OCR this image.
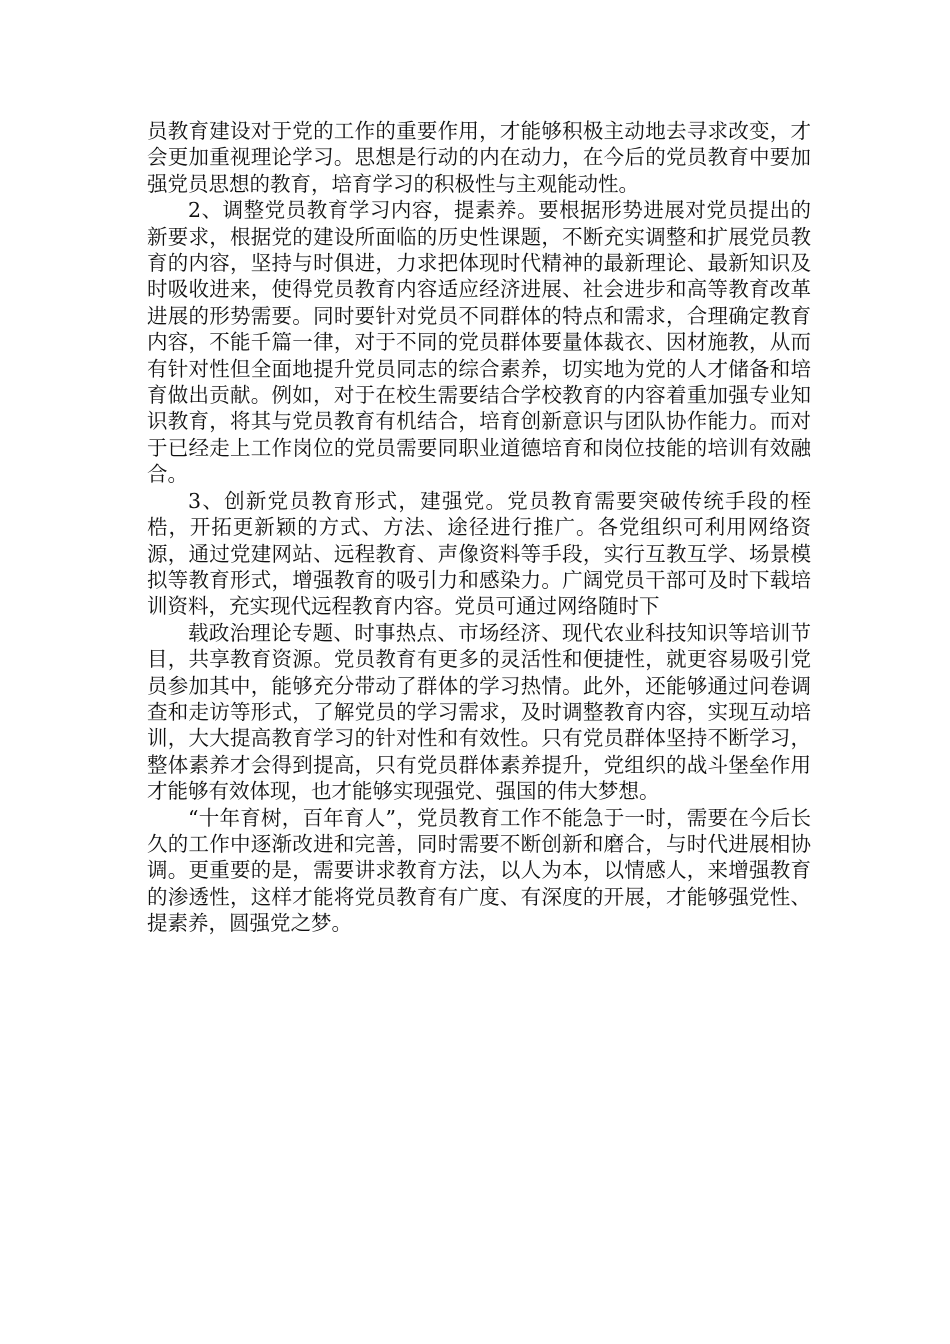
员教育建设对于党的工作的重要作用，才能够积极主动地去寻求改变，才会更加重视理论学习。思想是行动的内在动力，在今后的党员教育中要加强党员思想的教育，培育学习的积极性与主观能动性。

2、调整党员教育学习内容，提素养。要根据形势进展对党员提出的新要求，根据党的建设所面临的历史性课题，不断充实调整和扩展党员教育的内容，坚持与时俱进，力求把体现时代精神的最新理论、最新知识及时吸收进来，使得党员教育内容适应经济进展、社会进步和高等教育改革进展的形势需要。同时要针对党员不同群体的特点和需求，合理确定教育内容，不能千篇一律，对于不同的党员群体要量体裁衣、因材施教，从而有针对性但全面地提升党员同志的综合素养，切实地为党的人才储备和培育做出贡献。例如，对于在校生需要结合学校教育的内容着重加强专业知识教育，将其与党员教育有机结合，培育创新意识与团队协作能力。而对于已经走上工作岗位的党员需要同职业道德培育和岗位技能的培训有效融合。

3、创新党员教育形式，建强党。党员教育需要突破传统手段的桎梏，开拓更新颖的方式、方法、途径进行推广。各党组织可利用网络资源，通过党建网站、远程教育、声像资料等手段，实行互教互学、场景模拟等教育形式，增强教育的吸引力和感染力。广阔党员干部可及时下载培训资料，充实现代远程教育内容。党员可通过网络随时下

载政治理论专题、时事热点、市场经济、现代农业科技知识等培训节目，共享教育资源。党员教育有更多的灵活性和便捷性，就更容易吸引党员参加其中，能够充分带动了群体的学习热情。此外，还能够通过问卷调查和走访等形式，了解党员的学习需求，及时调整教育内容，实现互动培训，大大提高教育学习的针对性和有效性。只有党员群体坚持不断学习，整体素养才会得到提高，只有党员群体素养提升，党组织的战斗堡垒作用才能够有效体现，也才能够实现强党、强国的伟大梦想。

“十年育树，百年育人”，党员教育工作不能急于一时，需要在今后长久的工作中逐渐改进和完善，同时需要不断创新和磨合，与时代进展相协调。更重要的是，需要讲求教育方法，以人为本，以情感人，来增强教育的渗透性，这样才能将党员教育有广度、有深度的开展，才能够强党性、提素养，圆强党之梦。
